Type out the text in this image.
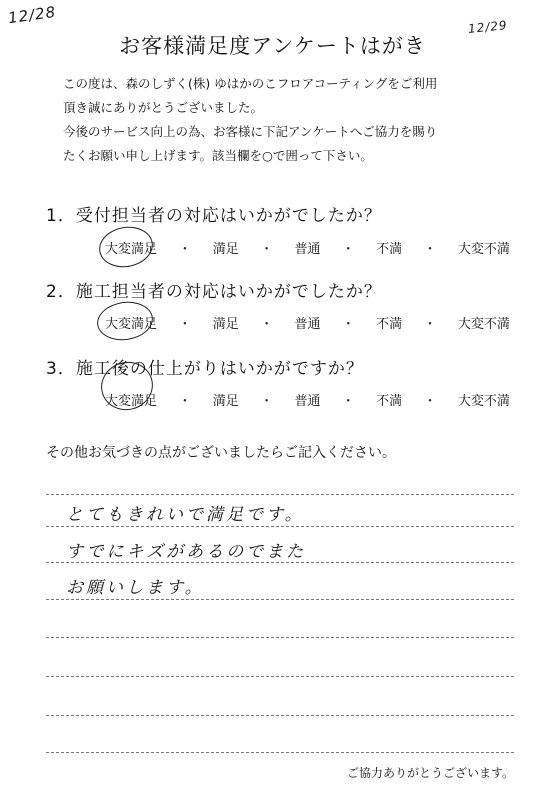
12/28	12/29
お客様満足度アンケートはがき
この度は、森のしずく(株) ゆはかのこフロアコーティングをご利用
頂き誠にありがとうございました。
今後のサービス向上の為、お客様に下記アンケートへご協力を賜り
たくお願い申し上げます。該当欄を○で囲って下さい。
1．受付担当者の対応はいかがでしたか？
大変満足 ・ 満足 ・ 普通 ・ 不満 ・ 大変不満
2．施工担当者の対応はいかがでしたか？
大変満足 ・ 満足 ・ 普通 ・ 不満 ・ 大変不満
3．施工後の仕上がりはいかがですか？
大変満足 ・ 満足 ・ 普通 ・ 不満 ・ 大変不満
その他お気づきの点がございましたらご記入ください。
とてもきれいで満足です。
すでにキズがあるのでまた
お願いします。
ご協力ありがとうございます。
